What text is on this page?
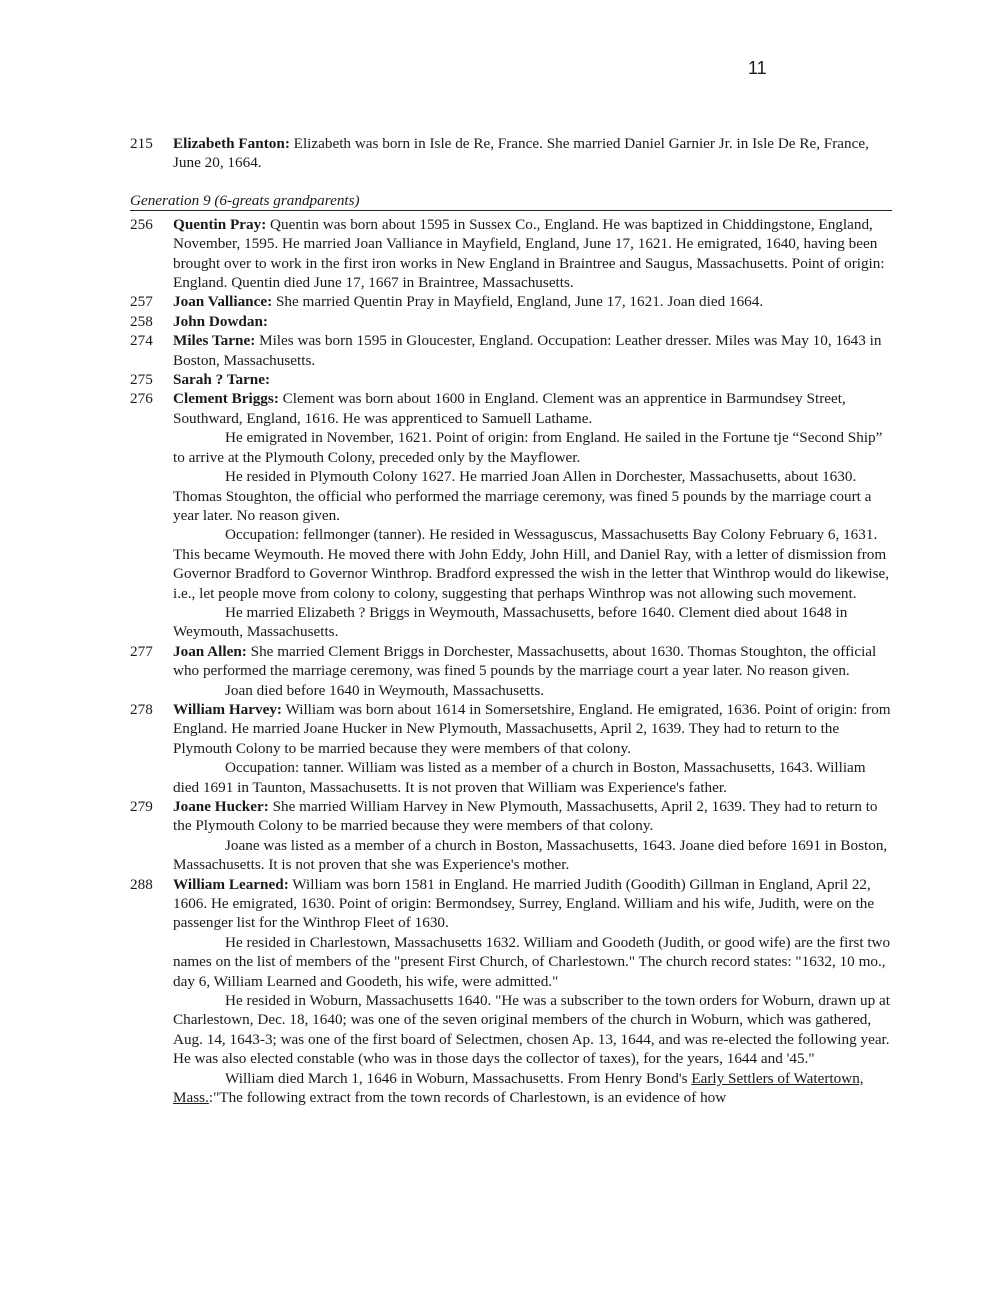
11
215 Elizabeth Fanton: Elizabeth was born in Isle de Re, France. She married Daniel Garnier Jr. in Isle De Re, France, June 20, 1664.

Generation 9 (6-greats grandparents)
256 Quentin Pray: Quentin was born about 1595 in Sussex Co., England. He was baptized in Chiddingstone, England, November, 1595. He married Joan Valliance in Mayfield, England, June 17, 1621. He emigrated, 1640, having been brought over to work in the first iron works in New England in Braintree and Saugus, Massachusetts. Point of origin: England. Quentin died June 17, 1667 in Braintree, Massachusetts.

257 Joan Valliance: She married Quentin Pray in Mayfield, England, June 17, 1621. Joan died 1664.

258 John Dowdan:

274 Miles Tarne: Miles was born 1595 in Gloucester, England. Occupation: Leather dresser. Miles was May 10, 1643 in Boston, Massachusetts.

275 Sarah ? Tarne:

276 Clement Briggs: Clement was born about 1600 in England. Clement was an apprentice in Barmundsey Street, Southward, England, 1616. He was apprenticed to Samuell Lathame.

He emigrated in November, 1621. Point of origin: from England. He sailed in the Fortune tje “Second Ship” to arrive at the Plymouth Colony, preceded only by the Mayflower.

He resided in Plymouth Colony 1627. He married Joan Allen in Dorchester, Massachusetts, about 1630. Thomas Stoughton, the official who performed the marriage ceremony, was fined 5 pounds by the marriage court a year later. No reason given.

Occupation: fellmonger (tanner). He resided in Wessaguscus, Massachusetts Bay Colony February 6, 1631. This became Weymouth. He moved there with John Eddy, John Hill, and Daniel Ray, with a letter of dismission from Governor Bradford to Governor Winthrop. Bradford expressed the wish in the letter that Winthrop would do likewise, i.e., let people move from colony to colony, suggesting that perhaps Winthrop was not allowing such movement.

He married Elizabeth ? Briggs in Weymouth, Massachusetts, before 1640. Clement died about 1648 in Weymouth, Massachusetts.

277 Joan Allen: She married Clement Briggs in Dorchester, Massachusetts, about 1630. Thomas Stoughton, the official who performed the marriage ceremony, was fined 5 pounds by the marriage court a year later. No reason given.

Joan died before 1640 in Weymouth, Massachusetts.

278 William Harvey: William was born about 1614 in Somersetshire, England. He emigrated, 1636. Point of origin: from England. He married Joane Hucker in New Plymouth, Massachusetts, April 2, 1639. They had to return to the Plymouth Colony to be married because they were members of that colony.

Occupation: tanner. William was listed as a member of a church in Boston, Massachusetts, 1643. William died 1691 in Taunton, Massachusetts. It is not proven that William was Experience's father.

279 Joane Hucker: She married William Harvey in New Plymouth, Massachusetts, April 2, 1639. They had to return to the Plymouth Colony to be married because they were members of that colony.

Joane was listed as a member of a church in Boston, Massachusetts, 1643. Joane died before 1691 in Boston, Massachusetts. It is not proven that she was Experience's mother.

288 William Learned: William was born 1581 in England. He married Judith (Goodith) Gillman in England, April 22, 1606. He emigrated, 1630. Point of origin: Bermondsey, Surrey, England. William and his wife, Judith, were on the passenger list for the Winthrop Fleet of 1630.

He resided in Charlestown, Massachusetts 1632. William and Goodeth (Judith, or good wife) are the first two names on the list of members of the "present First Church, of Charlestown." The church record states: "1632, 10 mo., day 6, William Learned and Goodeth, his wife, were admitted."

He resided in Woburn, Massachusetts 1640. "He was a subscriber to the town orders for Woburn, drawn up at Charlestown, Dec. 18, 1640; was one of the seven original members of the church in Woburn, which was gathered, Aug. 14, 1643-3; was one of the first board of Selectmen, chosen Ap. 13, 1644, and was re-elected the following year. He was also elected constable (who was in those days the collector of taxes), for the years, 1644 and '45."

William died March 1, 1646 in Woburn, Massachusetts. From Henry Bond's Early Settlers of Watertown, Mass.:"The following extract from the town records of Charlestown, is an evidence of how
